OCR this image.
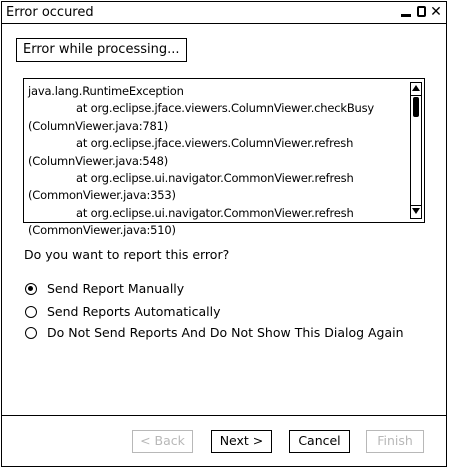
Error occured	✕
Error while processing...
java.lang.RuntimeException
at org.eclipse.jface.viewers.ColumnViewer.checkBusy
(ColumnViewer.java:781)
at org.eclipse.jface.viewers.ColumnViewer.refresh
(ColumnViewer.java:548)
at org.eclipse.ui.navigator.CommonViewer.refresh
(CommonViewer.java:353)
at org.eclipse.ui.navigator.CommonViewer.refresh
(CommonViewer.java:510)
Do you want to report this error?
Send Report Manually
Send Reports Automatically
Do Not Send Reports And Do Not Show This Dialog Again
< Back	Next >	Cancel	Finish
